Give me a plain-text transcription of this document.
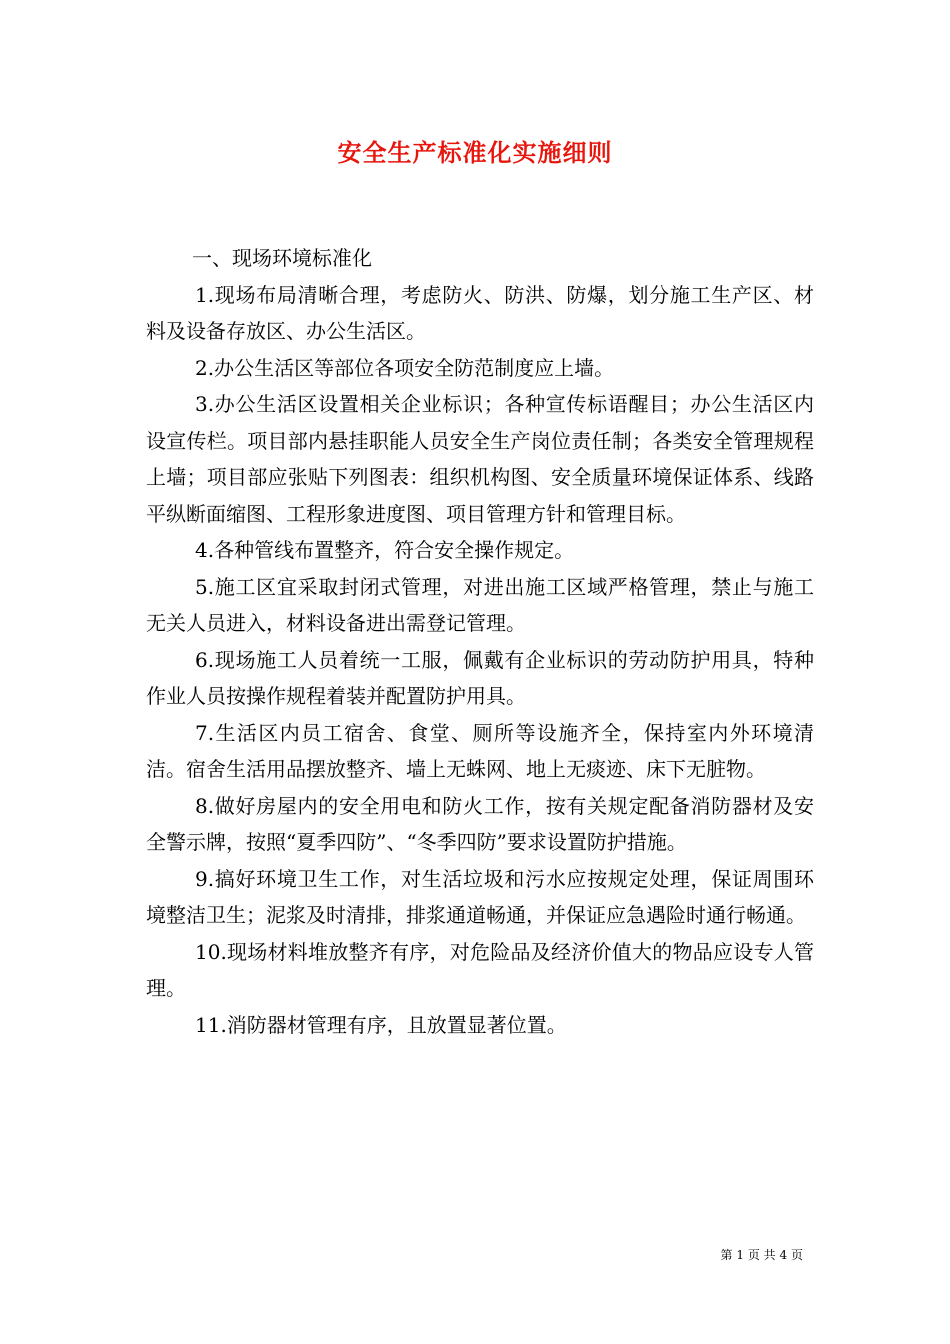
安全生产标准化实施细则

一、现场环境标准化

1.现场布局清晰合理，考虑防火、防洪、防爆，划分施工生产区、材料及设备存放区、办公生活区。

2.办公生活区等部位各项安全防范制度应上墙。

3.办公生活区设置相关企业标识；各种宣传标语醒目；办公生活区内设宣传栏。项目部内悬挂职能人员安全生产岗位责任制；各类安全管理规程上墙；项目部应张贴下列图表：组织机构图、安全质量环境保证体系、线路平纵断面缩图、工程形象进度图、项目管理方针和管理目标。

4.各种管线布置整齐，符合安全操作规定。

5.施工区宜采取封闭式管理，对进出施工区域严格管理，禁止与施工无关人员进入，材料设备进出需登记管理。

6.现场施工人员着统一工服，佩戴有企业标识的劳动防护用具，特种作业人员按操作规程着装并配置防护用具。

7.生活区内员工宿舍、食堂、厕所等设施齐全，保持室内外环境清洁。宿舍生活用品摆放整齐、墙上无蛛网、地上无痰迹、床下无脏物。

8.做好房屋内的安全用电和防火工作，按有关规定配备消防器材及安全警示牌，按照“夏季四防”、“冬季四防”要求设置防护措施。

9.搞好环境卫生工作，对生活垃圾和污水应按规定处理，保证周围环境整洁卫生；泥浆及时清排，排浆通道畅通，并保证应急遇险时通行畅通。

10.现场材料堆放整齐有序，对危险品及经济价值大的物品应设专人管理。

11.消防器材管理有序，且放置显著位置。

第 1 页 共 4 页
